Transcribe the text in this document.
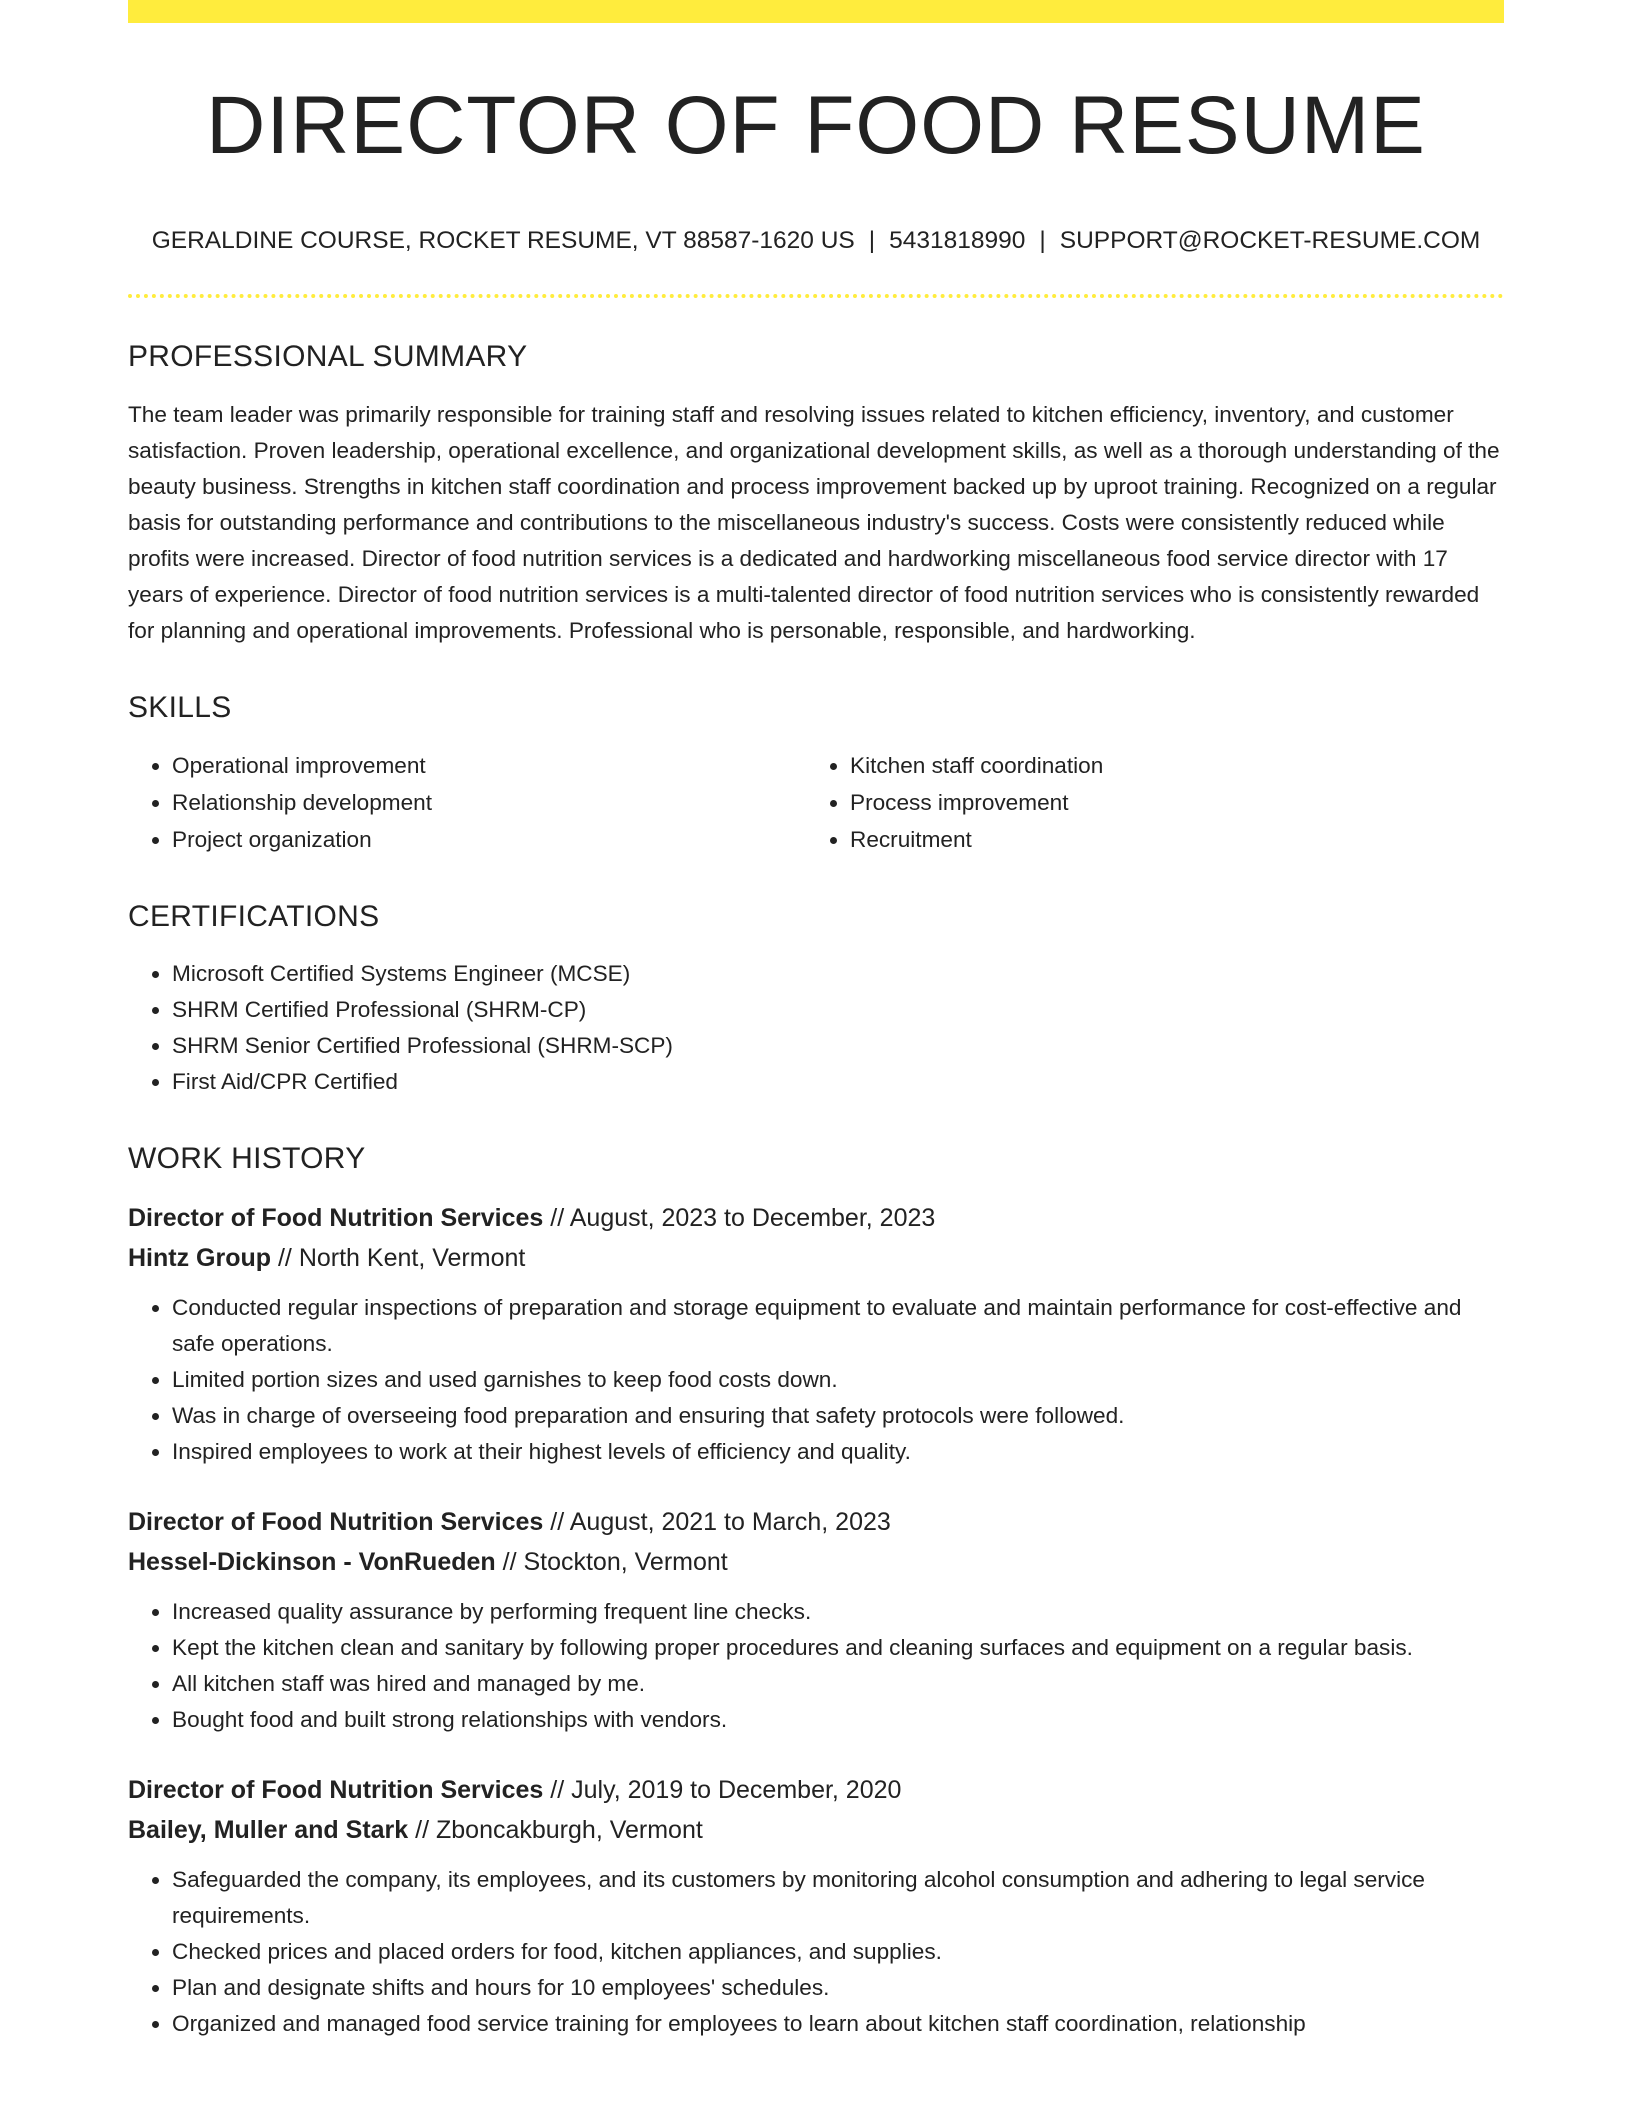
DIRECTOR OF FOOD RESUME
GERALDINE COURSE, ROCKET RESUME, VT 88587-1620 US | 5431818990 | SUPPORT@ROCKET-RESUME.COM
PROFESSIONAL SUMMARY

The team leader was primarily responsible for training staff and resolving issues related to kitchen efficiency, inventory, and customer satisfaction. Proven leadership, operational excellence, and organizational development skills, as well as a thorough understanding of the beauty business. Strengths in kitchen staff coordination and process improvement backed up by uproot training. Recognized on a regular basis for outstanding performance and contributions to the miscellaneous industry's success. Costs were consistently reduced while profits were increased. Director of food nutrition services is a dedicated and hardworking miscellaneous food service director with 17 years of experience. Director of food nutrition services is a multi-talented director of food nutrition services who is consistently rewarded for planning and operational improvements. Professional who is personable, responsible, and hardworking.

SKILLS
• Operational improvement
• Relationship development
• Project organization
• Kitchen staff coordination
• Process improvement
• Recruitment
CERTIFICATIONS
• Microsoft Certified Systems Engineer (MCSE)
• SHRM Certified Professional (SHRM-CP)
• SHRM Senior Certified Professional (SHRM-SCP)
• First Aid/CPR Certified
WORK HISTORY
Director of Food Nutrition Services // August, 2023 to December, 2023
Hintz Group // North Kent, Vermont
• Conducted regular inspections of preparation and storage equipment to evaluate and maintain performance for cost-effective and safe operations.
• Limited portion sizes and used garnishes to keep food costs down.
• Was in charge of overseeing food preparation and ensuring that safety protocols were followed.
• Inspired employees to work at their highest levels of efficiency and quality.
Director of Food Nutrition Services // August, 2021 to March, 2023
Hessel-Dickinson - VonRueden // Stockton, Vermont
• Increased quality assurance by performing frequent line checks.
• Kept the kitchen clean and sanitary by following proper procedures and cleaning surfaces and equipment on a regular basis.
• All kitchen staff was hired and managed by me.
• Bought food and built strong relationships with vendors.
Director of Food Nutrition Services // July, 2019 to December, 2020
Bailey, Muller and Stark // Zboncakburgh, Vermont
• Safeguarded the company, its employees, and its customers by monitoring alcohol consumption and adhering to legal service requirements.
• Checked prices and placed orders for food, kitchen appliances, and supplies.
• Plan and designate shifts and hours for 10 employees' schedules.
• Organized and managed food service training for employees to learn about kitchen staff coordination, relationship
